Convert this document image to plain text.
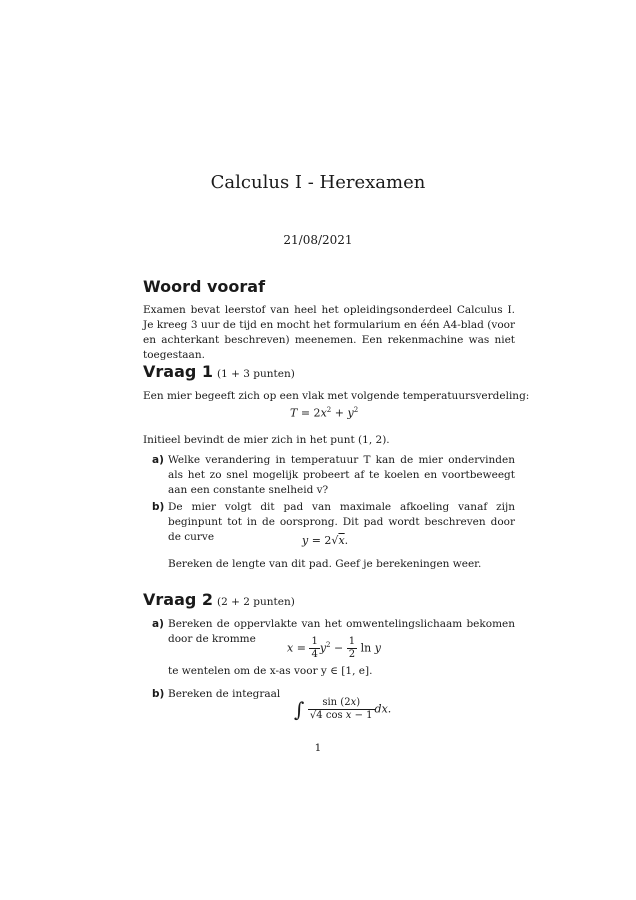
Calculus I - Herexamen
21/08/2021
Woord vooraf
Examen bevat leerstof van heel het opleidingsonderdeel Calculus I. Je kreeg 3 uur de tijd en mocht het formularium en één A4-blad (voor en achterkant beschreven) meenemen. Een rekenmachine was niet toegestaan.
Vraag 1 (1 + 3 punten)
Een mier begeeft zich op een vlak met volgende temperatuursverdeling:
$T = 2x^2 + y^2$
Initieel bevindt de mier zich in het punt (1, 2).
a) Welke verandering in temperatuur T kan de mier ondervinden als het zo snel mogelijk probeert af te koelen en voortbeweegt aan een constante snelheid v?
b) De mier volgt dit pad van maximale afkoeling vanaf zijn beginpunt tot in de oorsprong. Dit pad wordt beschreven door de curve	y = 2√x.
Bereken de lengte van dit pad. Geef je berekeningen weer.
Vraag 2 (2 + 2 punten)
a) Bereken de oppervlakte van het omwentelingslichaam bekomen door de kromme
$x = \frac{1}{4} y^2 - \frac{1}{2}$ ln y
te wentelen om de x-as voor y ∈ [1, e].
b) Bereken de integraal
∫ $\frac{\sin (2x)}{\text{√4 cos x − 1}}$ dx.
1
